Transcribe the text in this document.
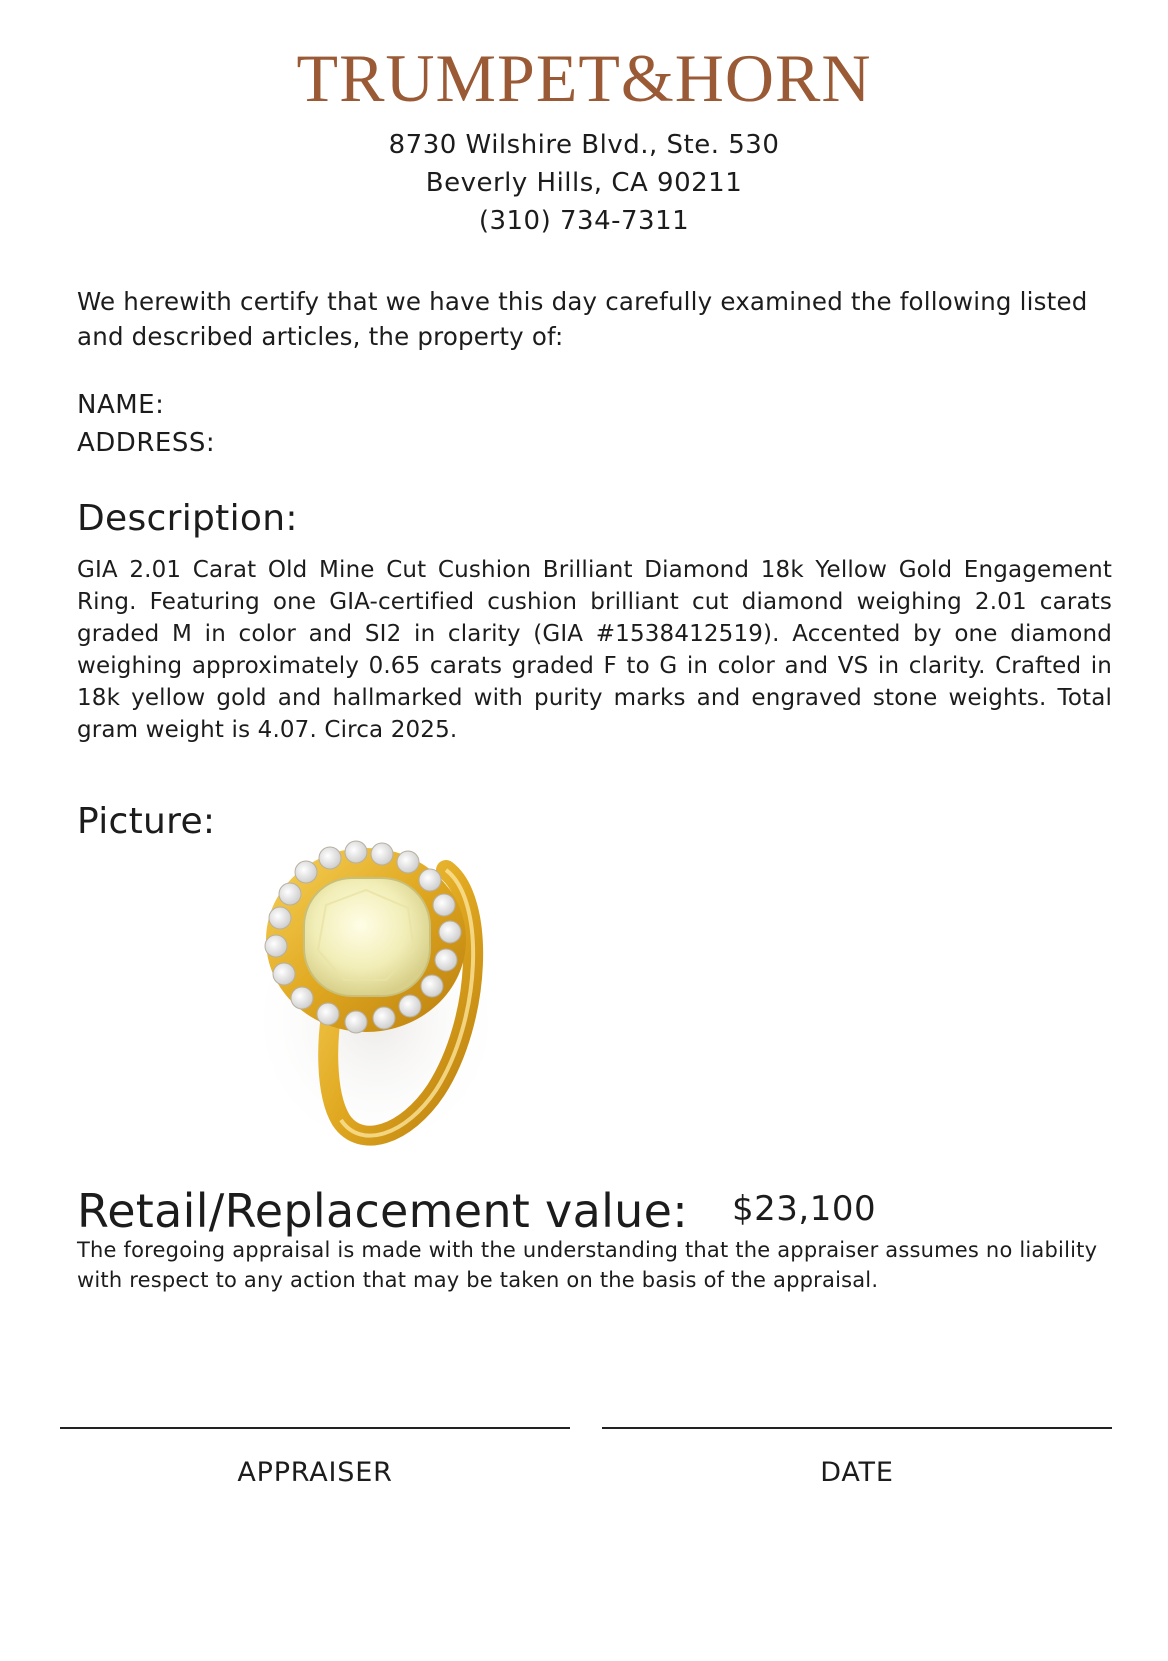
TRUMPET&HORN
8730 Wilshire Blvd., Ste. 530
Beverly Hills, CA 90211
(310) 734-7311
We herewith certify that we have this day carefully examined the following listed and described articles, the property of:
NAME:
ADDRESS:
Description:
GIA 2.01 Carat Old Mine Cut Cushion Brilliant Diamond 18k Yellow Gold Engagement Ring. Featuring one GIA-certified cushion brilliant cut diamond weighing 2.01 carats graded M in color and SI2 in clarity (GIA #1538412519). Accented by one diamond weighing approximately 0.65 carats graded F to G in color and VS in clarity. Crafted in 18k yellow gold and hallmarked with purity marks and engraved stone weights. Total gram weight is 4.07. Circa 2025.
Picture:
Retail/Replacement value: $23,100
The foregoing appraisal is made with the understanding that the appraiser assumes no liability with respect to any action that may be taken on the basis of the appraisal.
APPRAISER	DATE
